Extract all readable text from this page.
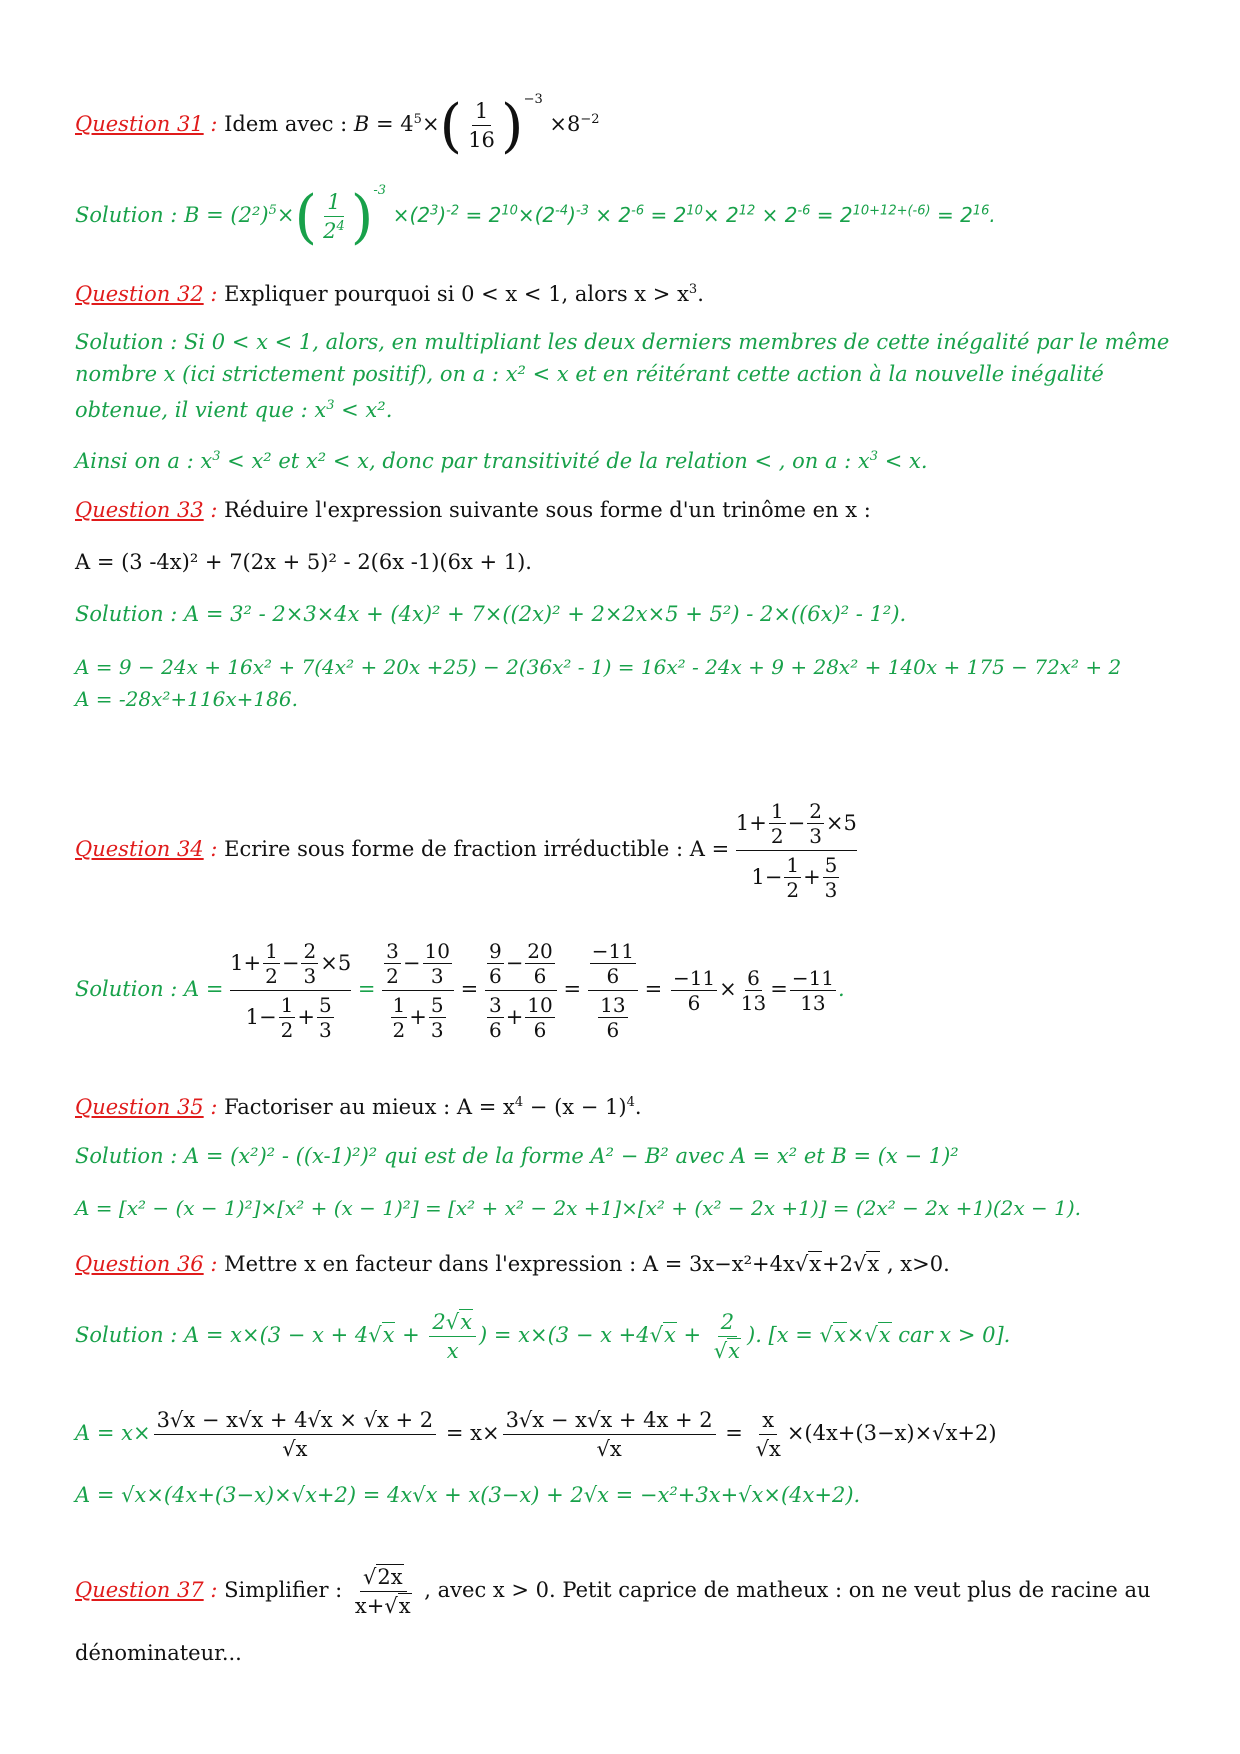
Question 31 : Idem avec : $B = 4^5\times( \frac{1}{16} )^{-3} \times 8^{-2}$
Solution : $B = (2^2)^5\times( \frac{1}{2^4} )^{-3} \times(2^3)^{-2} = 2^{10}\times(2^{-4})^{-3} \times 2^{-6} = 2^{10}\times 2^{12} \times 2^{-6} = 2^{10+12+(-6)} = 2^{16}$.
Question 32 : Expliquer pourquoi si 0 < x < 1, alors $x > x^3$.
Solution : Si 0 < x < 1, alors, en multipliant les deux derniers membres de cette inégalité par le même
nombre x (ici strictement positif), on a : x² < x et en réitérant cette action à la nouvelle inégalité
obtenue, il vient que : $x^3 < x^2$.
Ainsi on a : $x^3 < x^2$ et x² < x, donc par transitivité de la relation < , on a : $x^3 < x$.
Question 33 : Réduire l'expression suivante sous forme d'un trinôme en x :
A = (3 -4x)² + 7(2x + 5)² - 2(6x -1)(6x + 1).
Solution : A = 3² - 2×3×4x + (4x)² + 7×((2x)² + 2×2x×5 + 5²) - 2×((6x)² - 1²).
A = 9 − 24x + 16x² + 7(4x² + 20x +25) − 2(36x² - 1) = 16x² - 24x + 9 + 28x² + 140x + 175 − 72x² + 2
A = -28x²+116x+186.
Question 34 : Ecrire sous forme de fraction irréductible : A = 1 +
1
2
−
2
3
× 5
1 −
1
2
+
5
3
Solution : A = 1 +
1
2
−
2
3
× 5
1 −
1
2
+
5
3 = 3
2
−
10
3
1
2
+
5
3 = 9
6
−
20
6
3
6
+
10
6 = −11
6
13
$6 = \frac{-11}{6} \times \frac{6}{13} = \frac{-11}{13}$ .
Question 35 : Factoriser au mieux : $A = x^4 - (x - 1)^4$.
Solution : A = (x²)² - ((x-1)²)² qui est de la forme A² − B² avec A = x² et B = (x − 1)²
A = [x² − (x − 1)²]×[x² + (x − 1)²] = [x² + x² − 2x +1]×[x² + (x² − 2x +1)] = (2x² − 2x +1)(2x − 1).
Question 36 : Mettre x en facteur dans l'expression : A = 3x−x²+4x√x+2√x , x>0.
Solution : $A = x\times(3 - x + 4√x + \frac{2√x}{x}$ ) = $x\times(3 - x +4√x + \frac{2}{√x}$ ). [x = √x×√x car x > 0].
$A = x\times \frac{3√x - x√x + 4√x \times √x + 2}{√x} = x\times \frac{3√x - x√x + 4x + 2}{√x} = \frac{x}{√x} \times(4x+(3-x)\times√x+2)$
A = √x×(4x+(3−x)×√x+2) = 4x√x + x(3−x) + 2√x = −x²+3x+√x×(4x+2).
Question 37 : Simplifier : $\frac{√2x}{x+√x}$ , avec x > 0. Petit caprice de matheux : on ne veut plus de racine au
dénominateur...
